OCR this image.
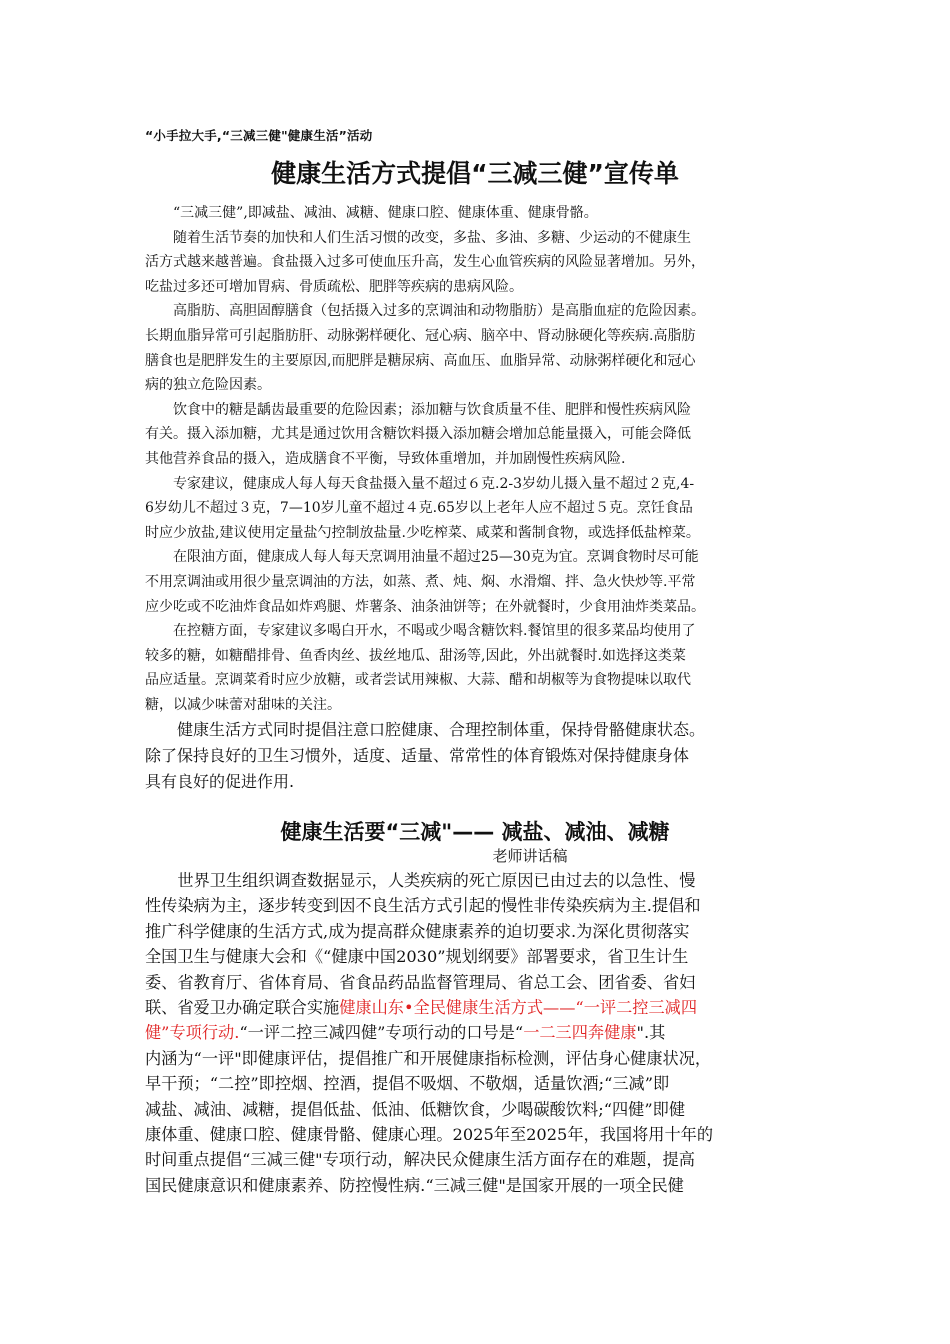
“小手拉大手,“三减三健"健康生活”活动
健康生活方式提倡“三减三健”宣传单

“三减三健”,即减盐、减油、减糖、健康口腔、健康体重、健康骨骼。

随着生活节奏的加快和人们生活习惯的改变，多盐、多油、多糖、少运动的不健康生
活方式越来越普遍。食盐摄入过多可使血压升高，发生心血管疾病的风险显著增加。另外，
吃盐过多还可增加胃病、骨质疏松、肥胖等疾病的患病风险。

高脂肪、高胆固醇膳食（包括摄入过多的烹调油和动物脂肪）是高脂血症的危险因素。
长期血脂异常可引起脂肪肝、动脉粥样硬化、冠心病、脑卒中、肾动脉硬化等疾病.高脂肪
膳食也是肥胖发生的主要原因,而肥胖是糖尿病、高血压、血脂异常、动脉粥样硬化和冠心
病的独立危险因素。

饮食中的糖是龋齿最重要的危险因素；添加糖与饮食质量不佳、肥胖和慢性疾病风险
有关。摄入添加糖，尤其是通过饮用含糖饮料摄入添加糖会增加总能量摄入，可能会降低
其他营养食品的摄入，造成膳食不平衡，导致体重增加，并加剧慢性疾病风险.

专家建议，健康成人每人每天食盐摄入量不超过６克.2-3岁幼儿摄入量不超过２克,4-
6岁幼儿不超过３克，7—10岁儿童不超过４克.65岁以上老年人应不超过５克。烹饪食品
时应少放盐,建议使用定量盐勺控制放盐量.少吃榨菜、咸菜和酱制食物，或选择低盐榨菜。

在限油方面，健康成人每人每天烹调用油量不超过25—30克为宜。烹调食物时尽可能
不用烹调油或用很少量烹调油的方法，如蒸、煮、炖、焖、水滑熘、拌、急火快炒等.平常
应少吃或不吃油炸食品如炸鸡腿、炸薯条、油条油饼等；在外就餐时，少食用油炸类菜品。

在控糖方面，专家建议多喝白开水，不喝或少喝含糖饮料.餐馆里的很多菜品均使用了
较多的糖，如糖醋排骨、鱼香肉丝、拔丝地瓜、甜汤等,因此，外出就餐时.如选择这类菜
品应适量。烹调菜肴时应少放糖，或者尝试用辣椒、大蒜、醋和胡椒等为食物提味以取代
糖，以减少味蕾对甜味的关注。

健康生活方式同时提倡注意口腔健康、合理控制体重，保持骨骼健康状态。
除了保持良好的卫生习惯外，适度、适量、常常性的体育锻炼对保持健康身体
具有良好的促进作用.

健康生活要“三减"—— 减盐、减油、减糖
老师讲话稿

世界卫生组织调查数据显示，人类疾病的死亡原因已由过去的以急性、慢
性传染病为主，逐步转变到因不良生活方式引起的慢性非传染疾病为主.提倡和
推广科学健康的生活方式,成为提高群众健康素养的迫切要求.为深化贯彻落实
全国卫生与健康大会和《“健康中国2030”规划纲要》部署要求，省卫生计生
委、省教育厅、省体育局、省食品药品监督管理局、省总工会、团省委、省妇
联、省爱卫办确定联合实施健康山东•全民健康生活方式——“一评二控三减四
健”专项行动.“一评二控三减四健”专项行动的口号是“一二三四奔健康".其
内涵为“一评"即健康评估，提倡推广和开展健康指标检测，评估身心健康状况，
早干预；“二控”即控烟、控酒，提倡不吸烟、不敬烟，适量饮酒;“三减”即
减盐、减油、减糖，提倡低盐、低油、低糖饮食，少喝碳酸饮料;“四健”即健
康体重、健康口腔、健康骨骼、健康心理。2025年至2025年，我国将用十年的
时间重点提倡“三减三健"专项行动，解决民众健康生活方面存在的难题，提高
国民健康意识和健康素养、防控慢性病.“三减三健"是国家开展的一项全民健
